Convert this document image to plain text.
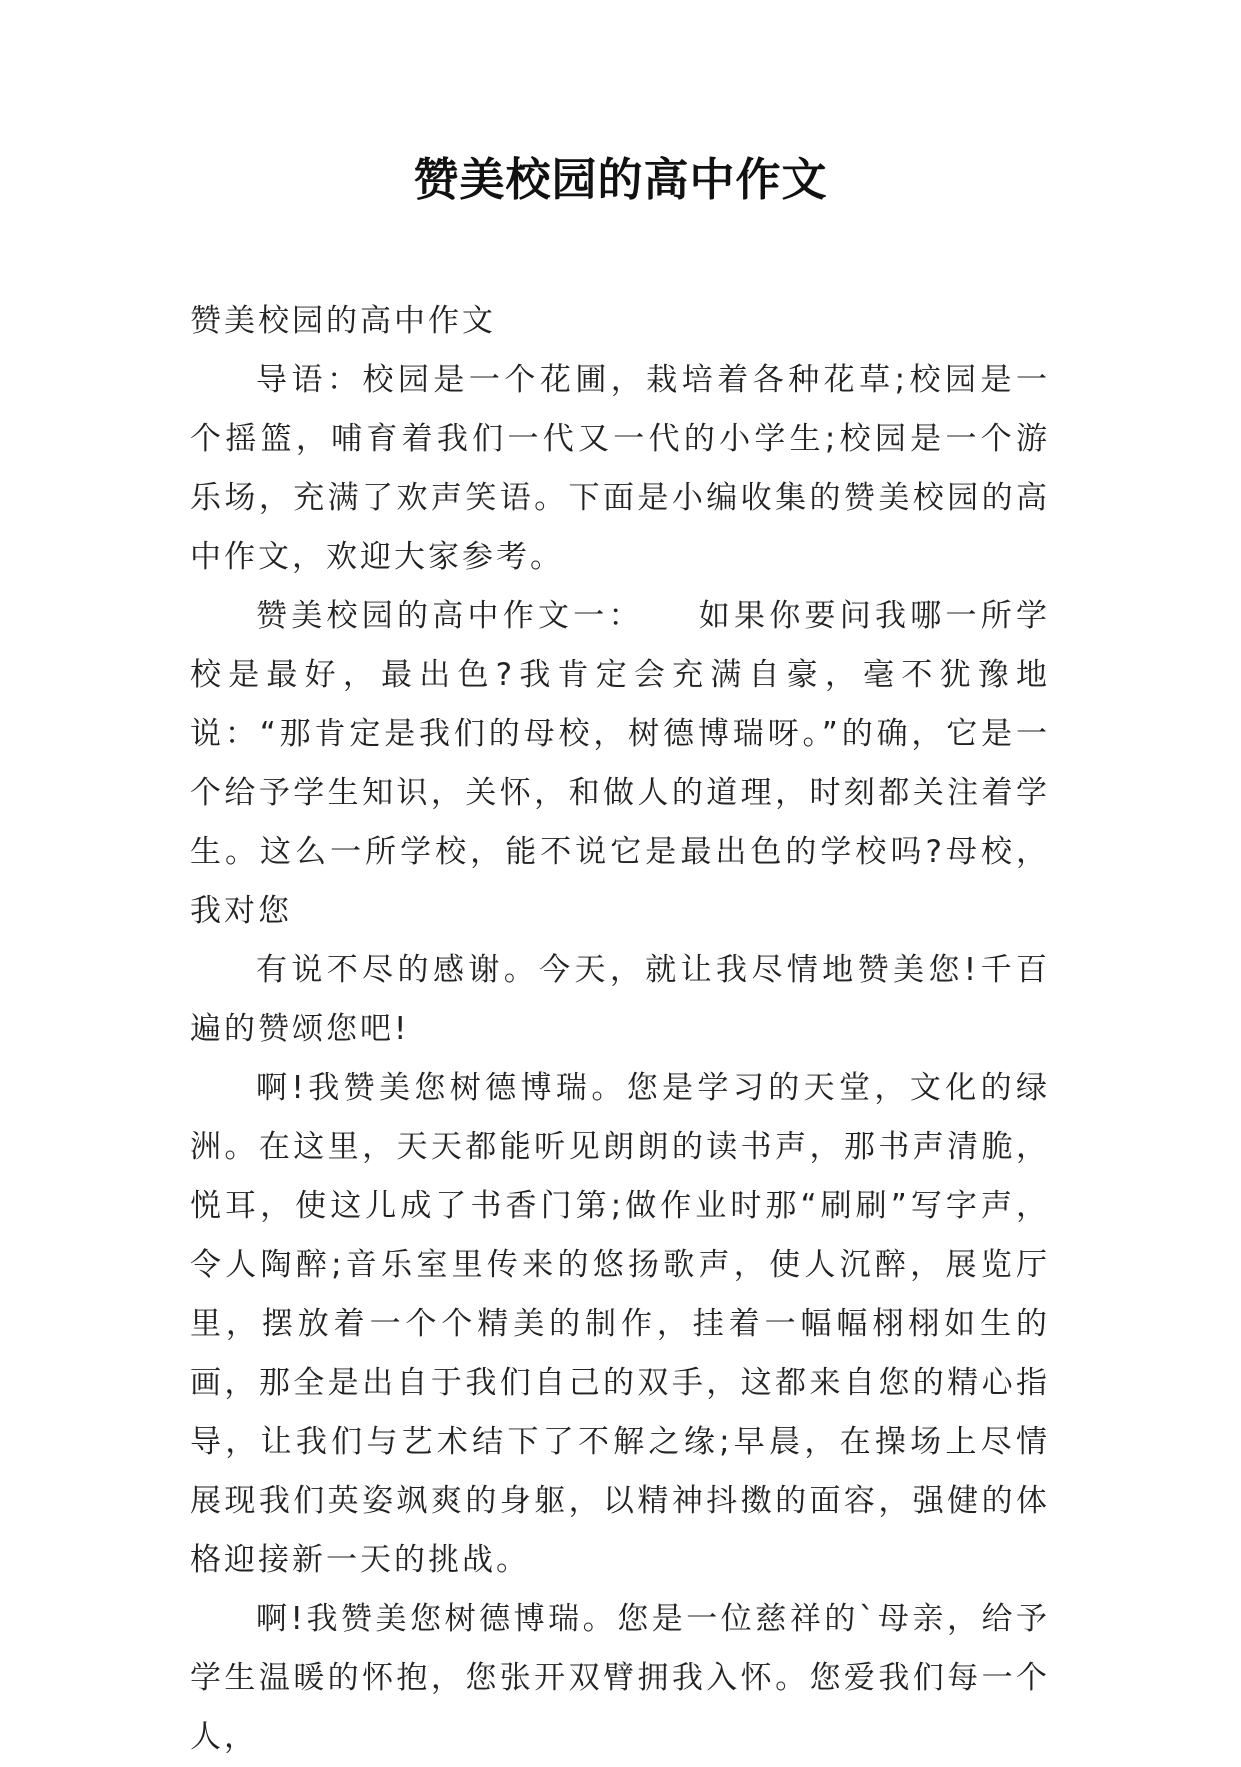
赞美校园的高中作文

赞美校园的高中作文

导语：校园是一个花圃，栽培着各种花草;校园是一个摇篮，哺育着我们一代又一代的小学生;校园是一个游乐场，充满了欢声笑语。下面是小编收集的赞美校园的高中作文，欢迎大家参考。

赞美校园的高中作文一：　　如果你要问我哪一所学校是最好，最出色?我肯定会充满自豪，毫不犹豫地说：“那肯定是我们的母校，树德博瑞呀。”的确，它是一个给予学生知识，关怀，和做人的道理，时刻都关注着学生。这么一所学校，能不说它是最出色的学校吗?母校，我对您

有说不尽的感谢。今天，就让我尽情地赞美您!千百遍的赞颂您吧!

啊!我赞美您树德博瑞。您是学习的天堂，文化的绿洲。在这里，天天都能听见朗朗的读书声，那书声清脆，悦耳，使这儿成了书香门第;做作业时那“刷刷”写字声，令人陶醉;音乐室里传来的悠扬歌声，使人沉醉，展览厅里，摆放着一个个精美的制作，挂着一幅幅栩栩如生的画，那全是出自于我们自己的双手，这都来自您的精心指导，让我们与艺术结下了不解之缘;早晨，在操场上尽情展现我们英姿飒爽的身躯，以精神抖擞的面容，强健的体格迎接新一天的挑战。

啊!我赞美您树德博瑞。您是一位慈祥的`母亲，给予学生温暖的怀抱，您张开双臂拥我入怀。您爱我们每一个人，
